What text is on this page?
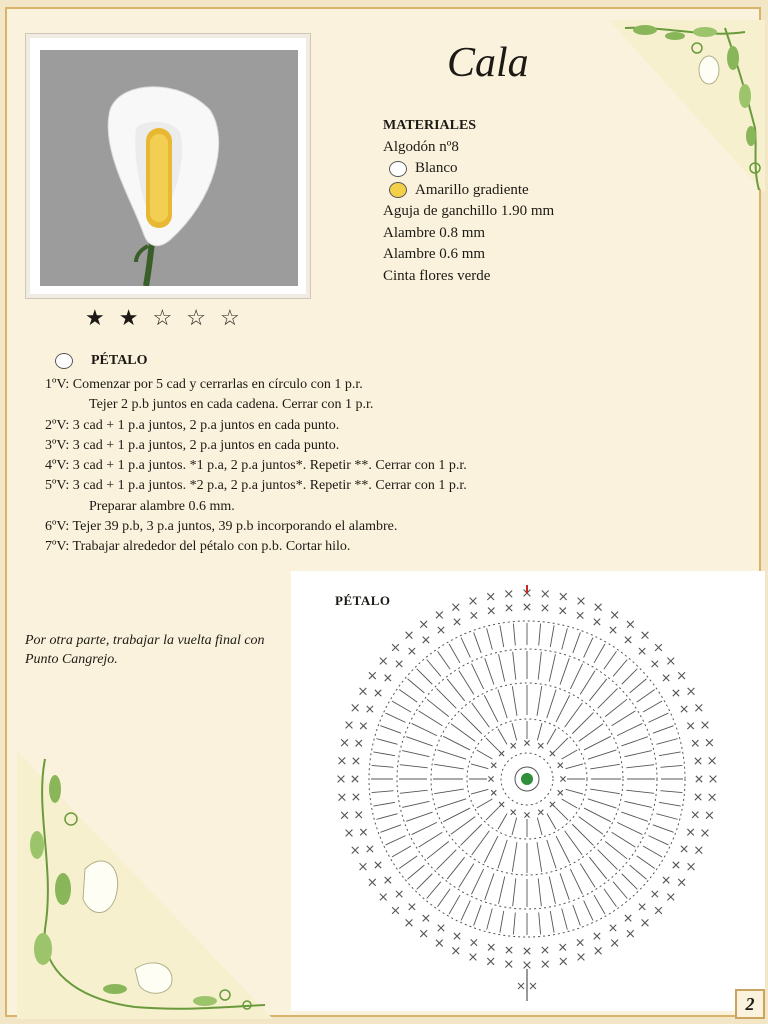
★★☆☆☆
Cala
MATERIALES
Algodón nº8
Blanco
Amarillo gradiente
Aguja de ganchillo 1.90 mm
Alambre 0.8 mm
Alambre 0.6 mm
Cinta flores verde
PÉTALO
1ºV: Comenzar por 5 cad y cerrarlas en círculo con 1 p.r.
Tejer 2 p.b juntos en cada cadena. Cerrar con 1 p.r.
2ºV: 3 cad + 1 p.a juntos, 2 p.a juntos en cada punto.
3ºV: 3 cad + 1 p.a juntos, 2 p.a juntos en cada punto.
4ºV: 3 cad + 1 p.a juntos. *1 p.a, 2 p.a juntos*. Repetir **. Cerrar con 1 p.r.
5ºV: 3 cad + 1 p.a juntos. *2 p.a, 2 p.a juntos*. Repetir **. Cerrar con 1 p.r.
Preparar alambre 0.6 mm.
6ºV: Tejer 39 p.b, 3 p.a juntos, 39 p.b incorporando el alambre.
7ºV: Trabajar alrededor del pétalo con p.b. Cortar hilo.
Por otra parte, trabajar la vuelta final con Punto Cangrejo.
PÉTALO
2
